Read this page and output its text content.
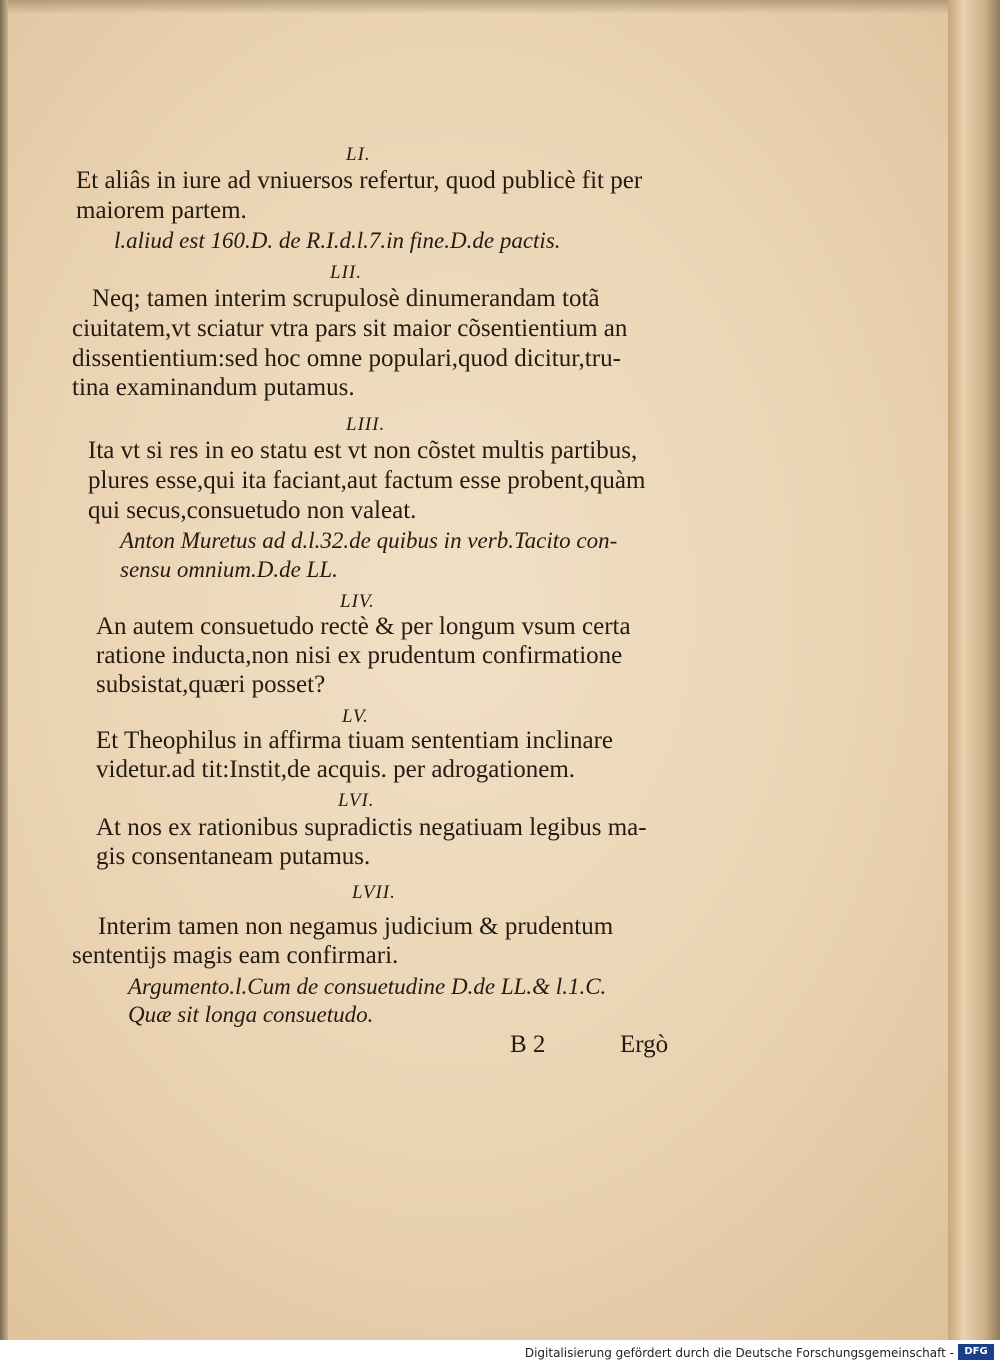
LI.

Et aliâs in iure ad vniuersos refertur, quod publicè fit per

maiorem partem.

l.aliud est 160.D. de R.I.d.l.7.in fine.D.de pactis.

LII.

Neq; tamen interim scrupulosè dinumerandam totã

ciuitatem,vt sciatur vtra pars sit maior cõsentientium an

dissentientium:sed hoc omne populari,quod dicitur,tru-

tina examinandum putamus.

LIII.

Ita vt si res in eo statu est vt non cõstet multis partibus,

plures esse,qui ita faciant,aut factum esse probent,quàm

qui secus,consuetudo non valeat.

Anton Muretus ad d.l.32.de quibus in verb.Tacito con-

sensu omnium.D.de LL.

LIV.

An autem consuetudo rectè & per longum vsum certa

ratione inducta,non nisi ex prudentum confirmatione

subsistat,quæri posset?

LV.

Et Theophilus in affirma tiuam sententiam inclinare

videtur.ad tit:Instit,de acquis. per adrogationem.

LVI.

At nos ex rationibus supradictis negatiuam legibus ma-

gis consentaneam putamus.

LVII.

Interim tamen non negamus judicium & prudentum

sententijs magis eam confirmari.

Argumento.l.Cum de consuetudine D.de LL.& l.1.C.

Quæ sit longa consuetudo.

B 2	Ergò

Digitalisierung gefördert durch die Deutsche Forschungsgemeinschaft -	DFG
